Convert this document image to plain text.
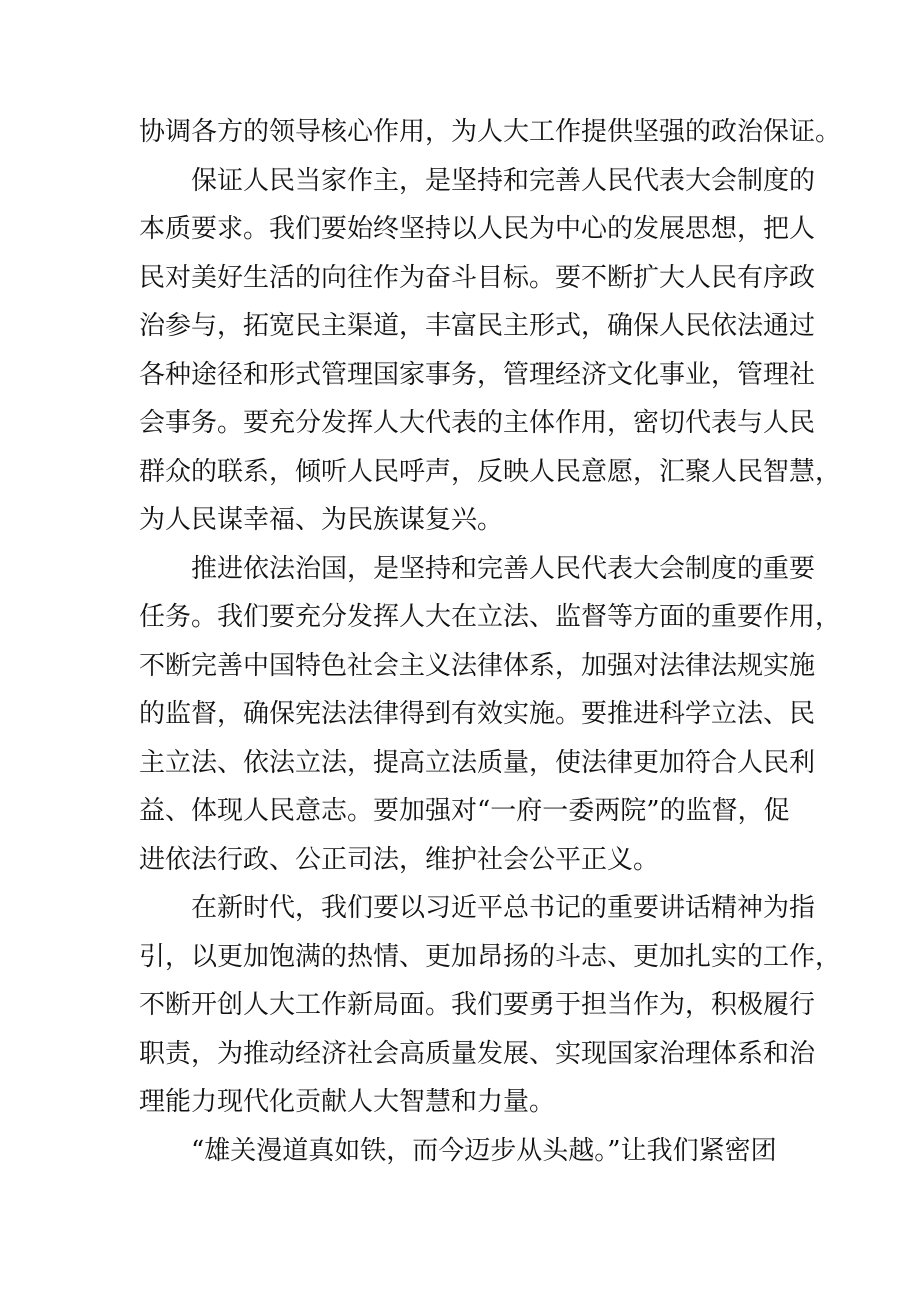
协调各方的领导核心作用，为人大工作提供坚强的政治保证。
保证人民当家作主，是坚持和完善人民代表大会制度的
本质要求。我们要始终坚持以人民为中心的发展思想，把人
民对美好生活的向往作为奋斗目标。要不断扩大人民有序政
治参与，拓宽民主渠道，丰富民主形式，确保人民依法通过
各种途径和形式管理国家事务，管理经济文化事业，管理社
会事务。要充分发挥人大代表的主体作用，密切代表与人民
群众的联系，倾听人民呼声，反映人民意愿，汇聚人民智慧，
为人民谋幸福、为民族谋复兴。
推进依法治国，是坚持和完善人民代表大会制度的重要
任务。我们要充分发挥人大在立法、监督等方面的重要作用，
不断完善中国特色社会主义法律体系，加强对法律法规实施
的监督，确保宪法法律得到有效实施。要推进科学立法、民
主立法、依法立法，提高立法质量，使法律更加符合人民利
益、体现人民意志。要加强对“一府一委两院”的监督，促
进依法行政、公正司法，维护社会公平正义。
在新时代，我们要以习近平总书记的重要讲话精神为指
引，以更加饱满的热情、更加昂扬的斗志、更加扎实的工作，
不断开创人大工作新局面。我们要勇于担当作为，积极履行
职责，为推动经济社会高质量发展、实现国家治理体系和治
理能力现代化贡献人大智慧和力量。
“雄关漫道真如铁，而今迈步从头越。”让我们紧密团
